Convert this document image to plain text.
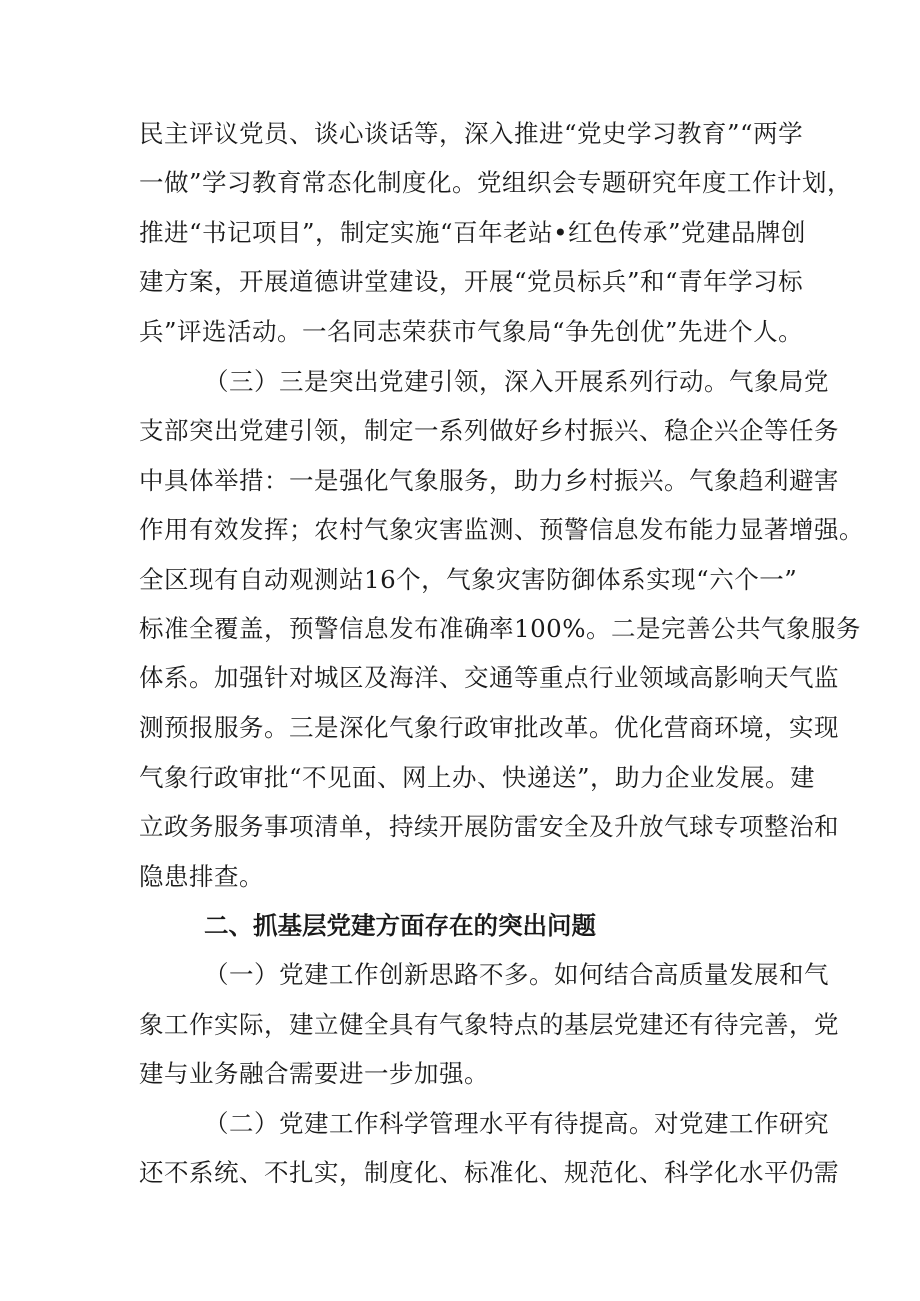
民主评议党员、谈心谈话等，深入推进“党史学习教育”“两学
一做”学习教育常态化制度化。党组织会专题研究年度工作计划，
推进“书记项目”，制定实施“百年老站•红色传承”党建品牌创
建方案，开展道德讲堂建设，开展“党员标兵”和“青年学习标
兵”评选活动。一名同志荣获市气象局“争先创优”先进个人。
（三）三是突出党建引领，深入开展系列行动。气象局党
支部突出党建引领，制定一系列做好乡村振兴、稳企兴企等任务
中具体举措：一是强化气象服务，助力乡村振兴。气象趋利避害
作用有效发挥；农村气象灾害监测、预警信息发布能力显著增强。
全区现有自动观测站16个，气象灾害防御体系实现“六个一”
标准全覆盖，预警信息发布准确率100%。二是完善公共气象服务
体系。加强针对城区及海洋、交通等重点行业领域高影响天气监
测预报服务。三是深化气象行政审批改革。优化营商环境，实现
气象行政审批“不见面、网上办、快递送”，助力企业发展。建
立政务服务事项清单，持续开展防雷安全及升放气球专项整治和
隐患排查。
二、抓基层党建方面存在的突出问题
（一）党建工作创新思路不多。如何结合高质量发展和气
象工作实际，建立健全具有气象特点的基层党建还有待完善，党
建与业务融合需要进一步加强。
（二）党建工作科学管理水平有待提高。对党建工作研究
还不系统、不扎实，制度化、标准化、规范化、科学化水平仍需
